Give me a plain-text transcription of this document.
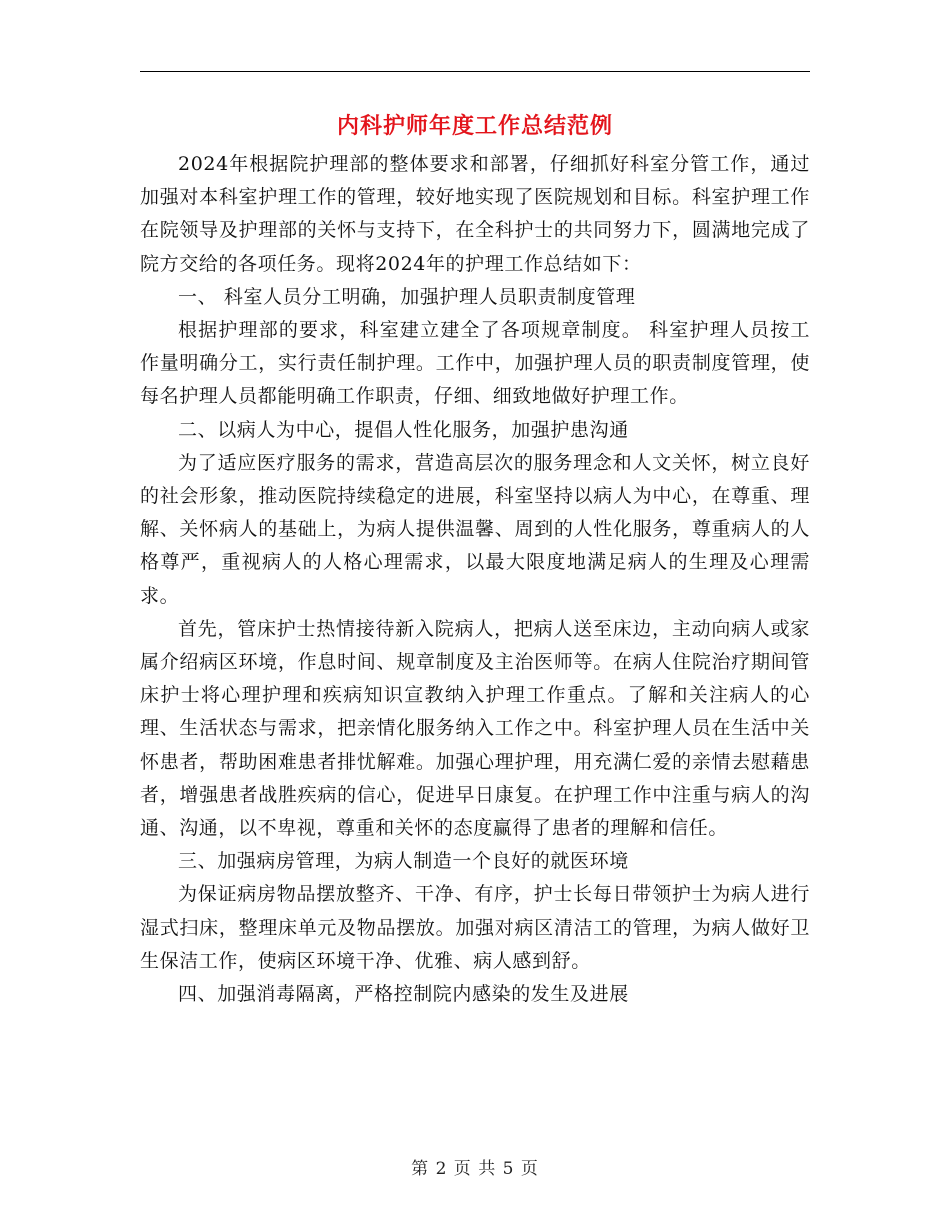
内科护师年度工作总结范例

2024年根据院护理部的整体要求和部署，仔细抓好科室分管工作，通过加强对本科室护理工作的管理，较好地实现了医院规划和目标。科室护理工作在院领导及护理部的关怀与支持下，在全科护士的共同努力下，圆满地完成了院方交给的各项任务。现将2024年的护理工作总结如下：

一、 科室人员分工明确，加强护理人员职责制度管理

根据护理部的要求，科室建立建全了各项规章制度。 科室护理人员按工作量明确分工，实行责任制护理。工作中，加强护理人员的职责制度管理，使每名护理人员都能明确工作职责，仔细、细致地做好护理工作。

二、以病人为中心，提倡人性化服务，加强护患沟通

为了适应医疗服务的需求，营造高层次的服务理念和人文关怀，树立良好的社会形象，推动医院持续稳定的进展，科室坚持以病人为中心，在尊重、理解、关怀病人的基础上，为病人提供温馨、周到的人性化服务，尊重病人的人格尊严，重视病人的人格心理需求，以最大限度地满足病人的生理及心理需求。

首先，管床护士热情接待新入院病人，把病人送至床边，主动向病人或家属介绍病区环境，作息时间、规章制度及主治医师等。在病人住院治疗期间管床护士将心理护理和疾病知识宣教纳入护理工作重点。了解和关注病人的心理、生活状态与需求，把亲情化服务纳入工作之中。科室护理人员在生活中关怀患者，帮助困难患者排忧解难。加强心理护理，用充满仁爱的亲情去慰藉患者，增强患者战胜疾病的信心，促进早日康复。在护理工作中注重与病人的沟通、沟通，以不卑视，尊重和关怀的态度赢得了患者的理解和信任。

三、加强病房管理，为病人制造一个良好的就医环境

为保证病房物品摆放整齐、干净、有序，护士长每日带领护士为病人进行湿式扫床，整理床单元及物品摆放。加强对病区清洁工的管理，为病人做好卫生保洁工作，使病区环境干净、优雅、病人感到舒。

四、加强消毒隔离，严格控制院内感染的发生及进展

第 2 页 共 5 页
